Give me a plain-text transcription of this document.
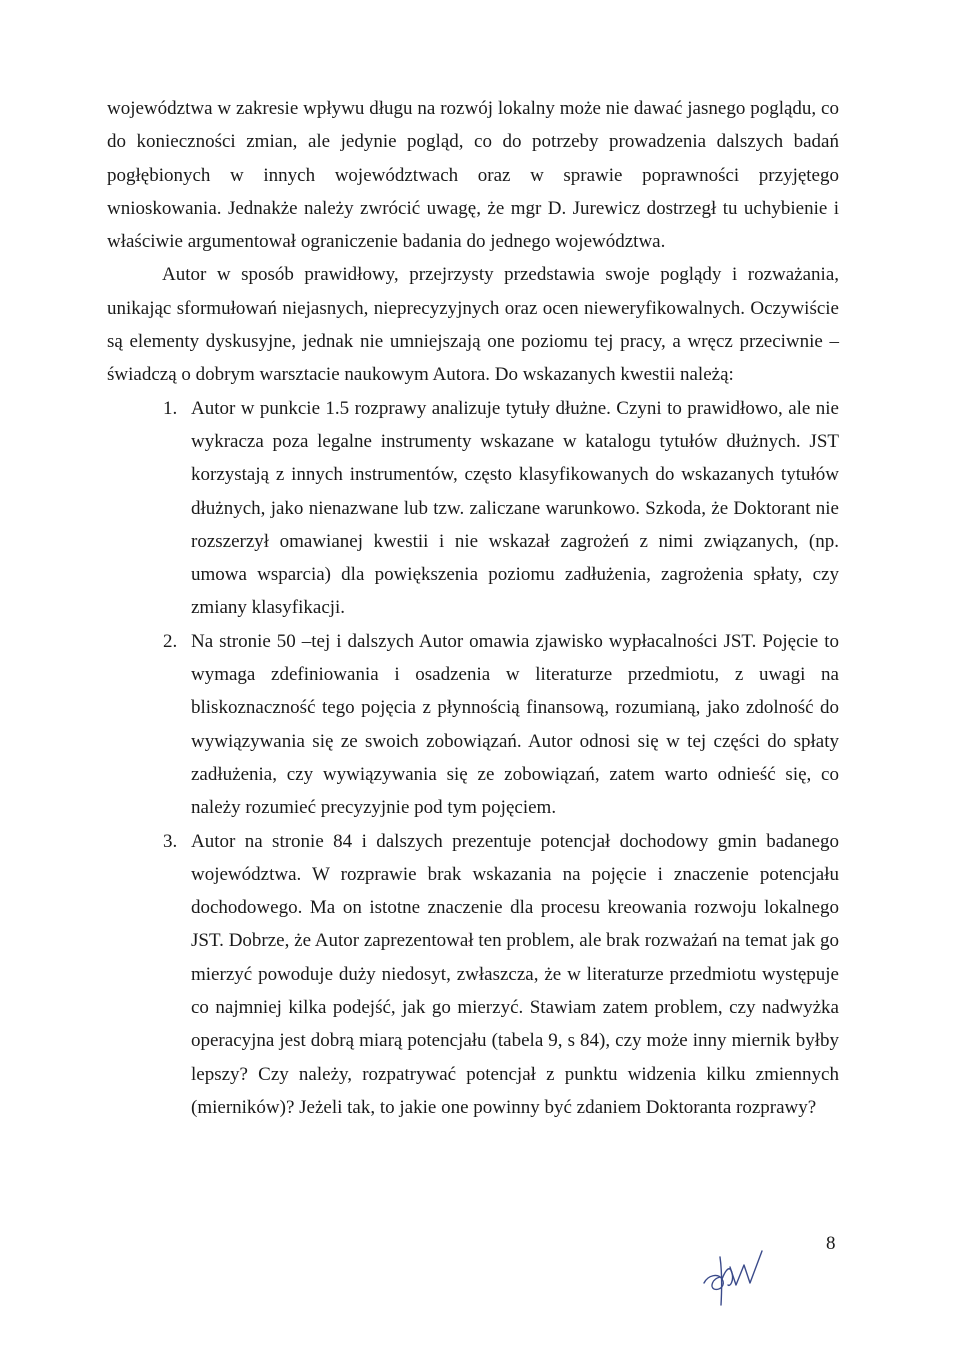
województwa w zakresie wpływu długu na rozwój lokalny może nie dawać jasnego poglądu, co do konieczności zmian, ale jedynie pogląd, co do potrzeby prowadzenia dalszych badań pogłębionych w innych województwach oraz w sprawie poprawności przyjętego wnioskowania. Jednakże należy zwrócić uwagę, że mgr D. Jurewicz dostrzegł tu uchybienie i właściwie argumentował ograniczenie badania do jednego województwa.

Autor w sposób prawidłowy, przejrzysty przedstawia swoje poglądy i rozważania, unikając sformułowań niejasnych, nieprecyzyjnych oraz ocen nieweryfikowalnych. Oczywiście są elementy dyskusyjne, jednak nie umniejszają one poziomu tej pracy, a wręcz przeciwnie – świadczą o dobrym warsztacie naukowym Autora. Do wskazanych kwestii należą:

1. Autor w punkcie 1.5 rozprawy analizuje tytuły dłużne. Czyni to prawidłowo, ale nie wykracza poza legalne instrumenty wskazane w katalogu tytułów dłużnych. JST korzystają z innych instrumentów, często klasyfikowanych do wskazanych tytułów dłużnych, jako nienazwane lub tzw. zaliczane warunkowo. Szkoda, że Doktorant nie rozszerzył omawianej kwestii i nie wskazał zagrożeń z nimi związanych, (np. umowa wsparcia) dla powiększenia poziomu zadłużenia, zagrożenia spłaty, czy zmiany klasyfikacji.
2. Na stronie 50 –tej i dalszych Autor omawia zjawisko wypłacalności JST. Pojęcie to wymaga zdefiniowania i osadzenia w literaturze przedmiotu, z uwagi na bliskoznaczność tego pojęcia z płynnością finansową, rozumianą, jako zdolność do wywiązywania się ze swoich zobowiązań. Autor odnosi się w tej części do spłaty zadłużenia, czy wywiązywania się ze zobowiązań, zatem warto odnieść się, co należy rozumieć precyzyjnie pod tym pojęciem.
3. Autor na stronie 84 i dalszych prezentuje potencjał dochodowy gmin badanego województwa. W rozprawie brak wskazania na pojęcie i znaczenie potencjału dochodowego. Ma on istotne znaczenie dla procesu kreowania rozwoju lokalnego JST. Dobrze, że Autor zaprezentował ten problem, ale brak rozważań na temat jak go mierzyć powoduje duży niedosyt, zwłaszcza, że w literaturze przedmiotu występuje co najmniej kilka podejść, jak go mierzyć. Stawiam zatem problem, czy nadwyżka operacyjna jest dobrą miarą potencjału (tabela 9, s 84), czy może inny miernik byłby lepszy? Czy należy, rozpatrywać potencjał z punktu widzenia kilku zmiennych (mierników)? Jeżeli tak, to jakie one powinny być zdaniem Doktoranta rozprawy?
8
